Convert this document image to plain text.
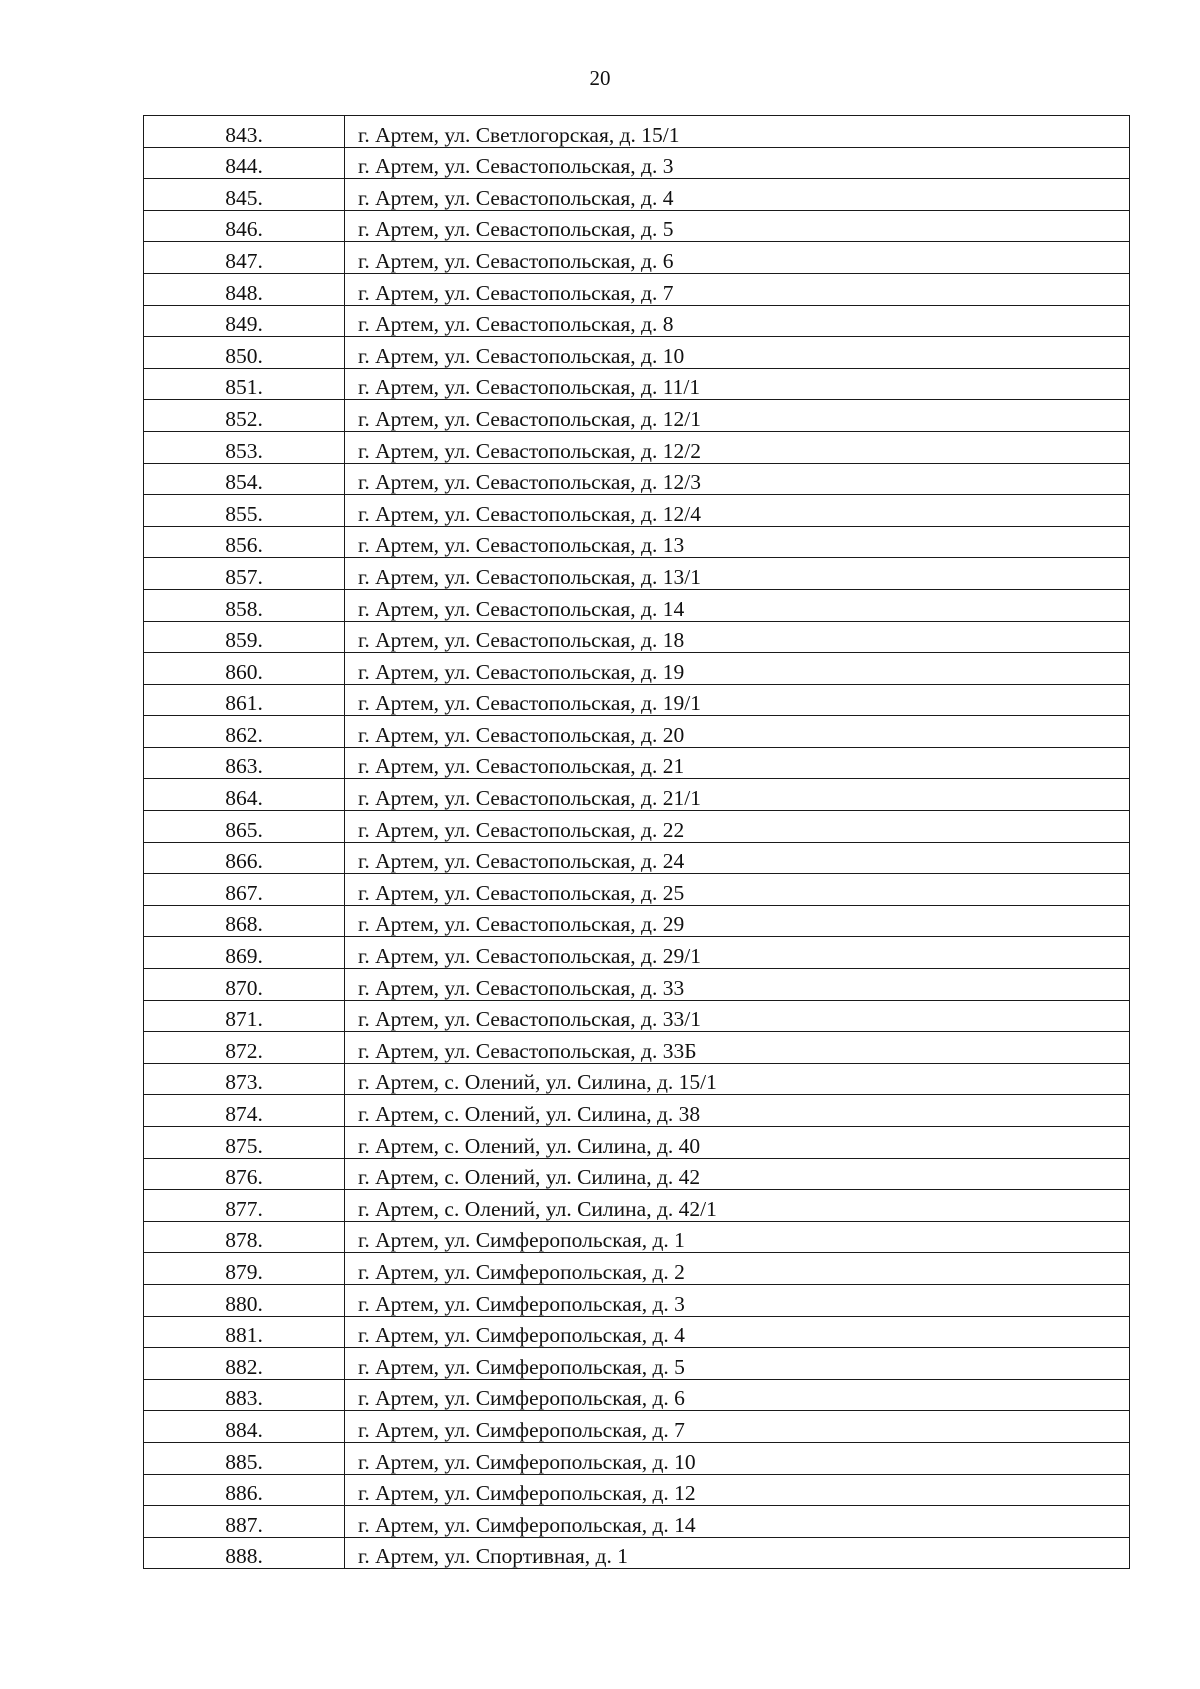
20
843.	г. Артем, ул. Светлогорская, д. 15/1
844.	г. Артем, ул. Севастопольская, д. 3
845.	г. Артем, ул. Севастопольская, д. 4
846.	г. Артем, ул. Севастопольская, д. 5
847.	г. Артем, ул. Севастопольская, д. 6
848.	г. Артем, ул. Севастопольская, д. 7
849.	г. Артем, ул. Севастопольская, д. 8
850.	г. Артем, ул. Севастопольская, д. 10
851.	г. Артем, ул. Севастопольская, д. 11/1
852.	г. Артем, ул. Севастопольская, д. 12/1
853.	г. Артем, ул. Севастопольская, д. 12/2
854.	г. Артем, ул. Севастопольская, д. 12/3
855.	г. Артем, ул. Севастопольская, д. 12/4
856.	г. Артем, ул. Севастопольская, д. 13
857.	г. Артем, ул. Севастопольская, д. 13/1
858.	г. Артем, ул. Севастопольская, д. 14
859.	г. Артем, ул. Севастопольская, д. 18
860.	г. Артем, ул. Севастопольская, д. 19
861.	г. Артем, ул. Севастопольская, д. 19/1
862.	г. Артем, ул. Севастопольская, д. 20
863.	г. Артем, ул. Севастопольская, д. 21
864.	г. Артем, ул. Севастопольская, д. 21/1
865.	г. Артем, ул. Севастопольская, д. 22
866.	г. Артем, ул. Севастопольская, д. 24
867.	г. Артем, ул. Севастопольская, д. 25
868.	г. Артем, ул. Севастопольская, д. 29
869.	г. Артем, ул. Севастопольская, д. 29/1
870.	г. Артем, ул. Севастопольская, д. 33
871.	г. Артем, ул. Севастопольская, д. 33/1
872.	г. Артем, ул. Севастопольская, д. 33Б
873.	г. Артем, с. Олений, ул. Силина, д. 15/1
874.	г. Артем, с. Олений, ул. Силина, д. 38
875.	г. Артем, с. Олений, ул. Силина, д. 40
876.	г. Артем, с. Олений, ул. Силина, д. 42
877.	г. Артем, с. Олений, ул. Силина, д. 42/1
878.	г. Артем, ул. Симферопольская, д. 1
879.	г. Артем, ул. Симферопольская, д. 2
880.	г. Артем, ул. Симферопольская, д. 3
881.	г. Артем, ул. Симферопольская, д. 4
882.	г. Артем, ул. Симферопольская, д. 5
883.	г. Артем, ул. Симферопольская, д. 6
884.	г. Артем, ул. Симферопольская, д. 7
885.	г. Артем, ул. Симферопольская, д. 10
886.	г. Артем, ул. Симферопольская, д. 12
887.	г. Артем, ул. Симферопольская, д. 14
888.	г. Артем, ул. Спортивная, д. 1
